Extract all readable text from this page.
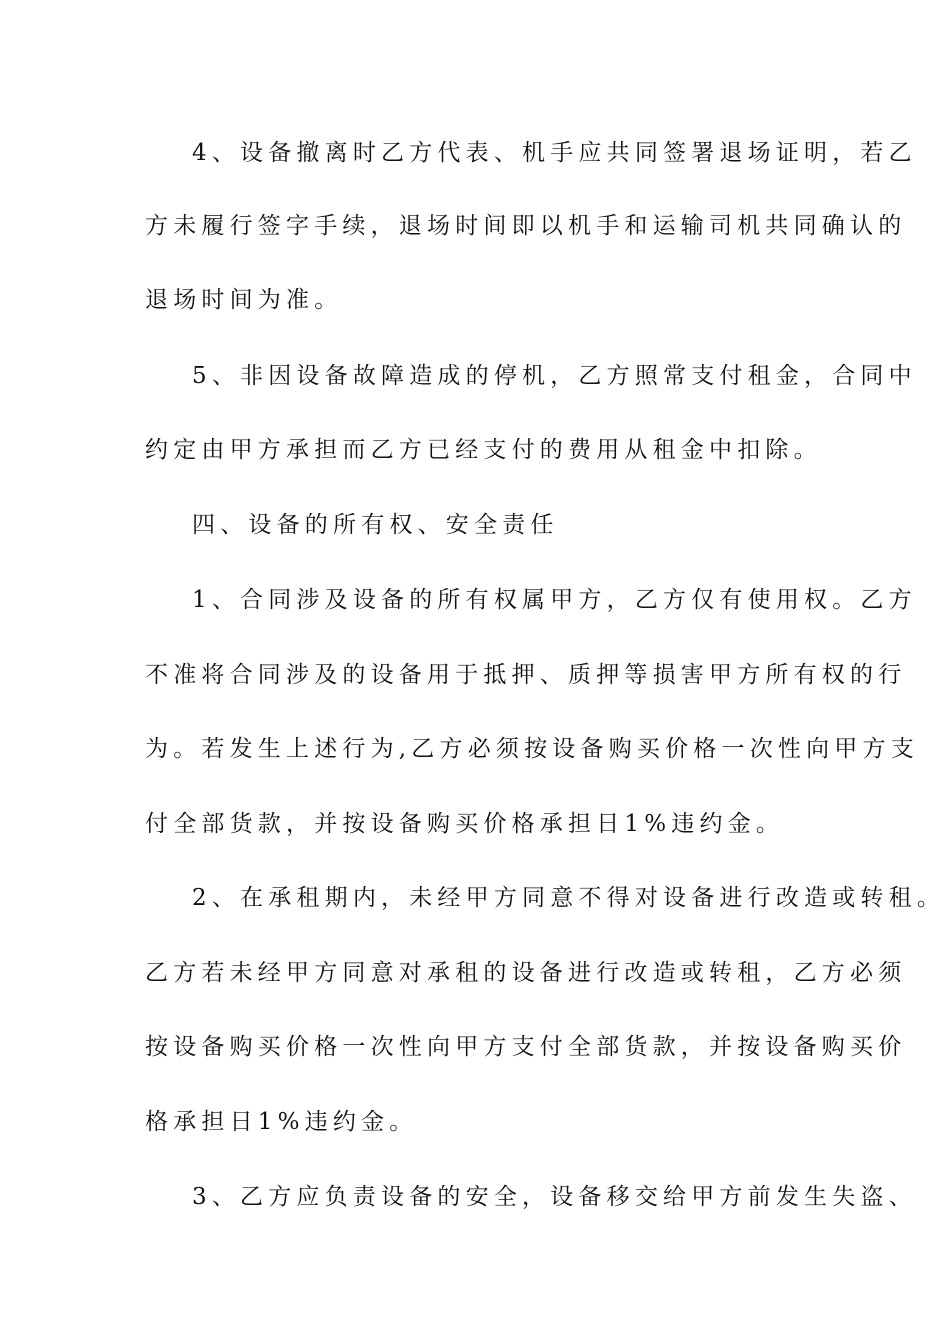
4、设备撤离时乙方代表、机手应共同签署退场证明，若乙
方未履行签字手续，退场时间即以机手和运输司机共同确认的
退场时间为准。
5、非因设备故障造成的停机，乙方照常支付租金，合同中
约定由甲方承担而乙方已经支付的费用从租金中扣除。
四、设备的所有权、安全责任
1、合同涉及设备的所有权属甲方，乙方仅有使用权。乙方
不准将合同涉及的设备用于抵押、质押等损害甲方所有权的行
为。若发生上述行为,乙方必须按设备购买价格一次性向甲方支
付全部货款，并按设备购买价格承担日1%违约金。
2、在承租期内，未经甲方同意不得对设备进行改造或转租。
乙方若未经甲方同意对承租的设备进行改造或转租，乙方必须
按设备购买价格一次性向甲方支付全部货款，并按设备购买价
格承担日1%违约金。
3、乙方应负责设备的安全，设备移交给甲方前发生失盗、
